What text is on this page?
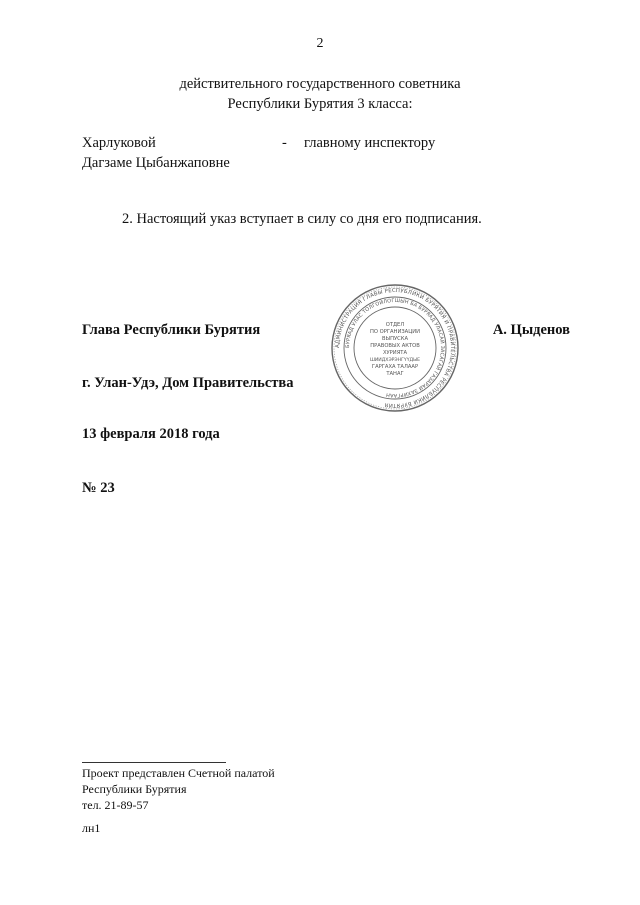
2
действительного государственного советника
Республики Бурятия 3 класса:
Харлуковой	- главному инспектору
Дагзаме Цыбанжаповне
2. Настоящий указ вступает в силу со дня его подписания.
Глава Республики Бурятия	А. Цыденов
АДМИНИСТРАЦИЯ ГЛАВЫ РЕСПУБЛИКИ БУРЯТИЯ И ПРАВИТЕЛЬСТВА РЕСПУБЛИКИ БУРЯТИЯ
БУРЯАД УЛАС ТОЛГОЙЛОГШЫН БА БУРЯАД УЛАСАЙ ЗАСАГАЙ ГАЗАРАЙ ЗАХИРГААН
ОТДЕЛ
ПО ОРГАНИЗАЦИИ
ВЫПУСКА
ПРАВОВЫХ АКТОВ
ХУРИЯТА
ШИИДХЭРЭНГҮҮДЫЕ
ГАРГАХА ТАЛААР
ТАНАГ
г. Улан-Удэ, Дом Правительства
13 февраля 2018 года
№ 23
Проект представлен Счетной палатой
Республики Бурятия
тел. 21-89-57
лн1
